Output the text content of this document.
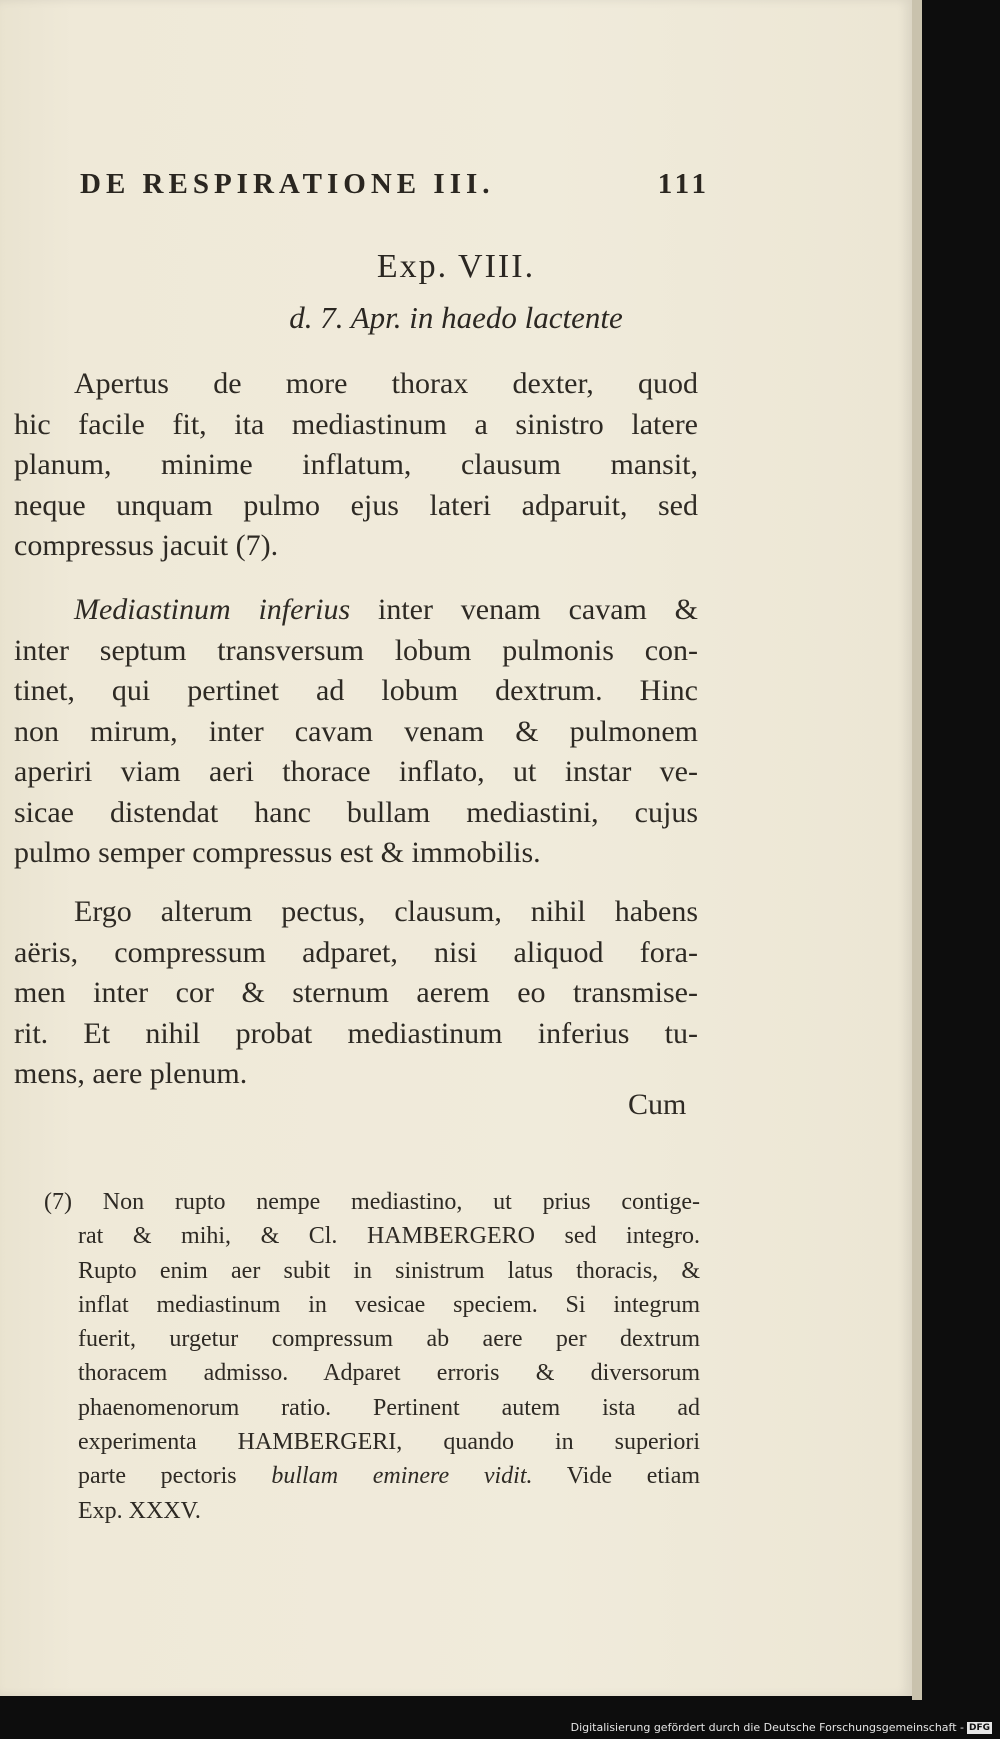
DE RESPIRATIONE III.	111
Exp. VIII.
d. 7. Apr. in haedo lactente
Apertus de more thorax dexter, quod
hic facile fit, ita mediastinum a sinistro latere
planum, minime inflatum, clausum mansit,
neque unquam pulmo ejus lateri adparuit, sed
compressus jacuit (7).
Mediastinum inferius inter venam cavam &
inter septum transversum lobum pulmonis con-
tinet, qui pertinet ad lobum dextrum. Hinc
non mirum, inter cavam venam & pulmonem
aperiri viam aeri thorace inflato, ut instar ve-
sicae distendat hanc bullam mediastini, cujus
pulmo semper compressus est & immobilis.
Ergo alterum pectus, clausum, nihil habens
aëris, compressum adparet, nisi aliquod fora-
men inter cor & sternum aerem eo transmise-
rit. Et nihil probat mediastinum inferius tu-
mens, aere plenum.
Cum
(7) Non rupto nempe mediastino, ut prius contige-
rat & mihi, & Cl. HAMBERGERO sed integro.
Rupto enim aer subit in sinistrum latus thoracis, &
inflat mediastinum in vesicae speciem. Si integrum
fuerit, urgetur compressum ab aere per dextrum
thoracem admisso. Adparet erroris & diversorum
phaenomenorum ratio. Pertinent autem ista ad
experimenta HAMBERGERI, quando in superiori
parte pectoris bullam eminere vidit. Vide etiam
Exp. XXXV.
Digitalisierung gefördert durch die Deutsche Forschungsgemeinschaft - DFG
